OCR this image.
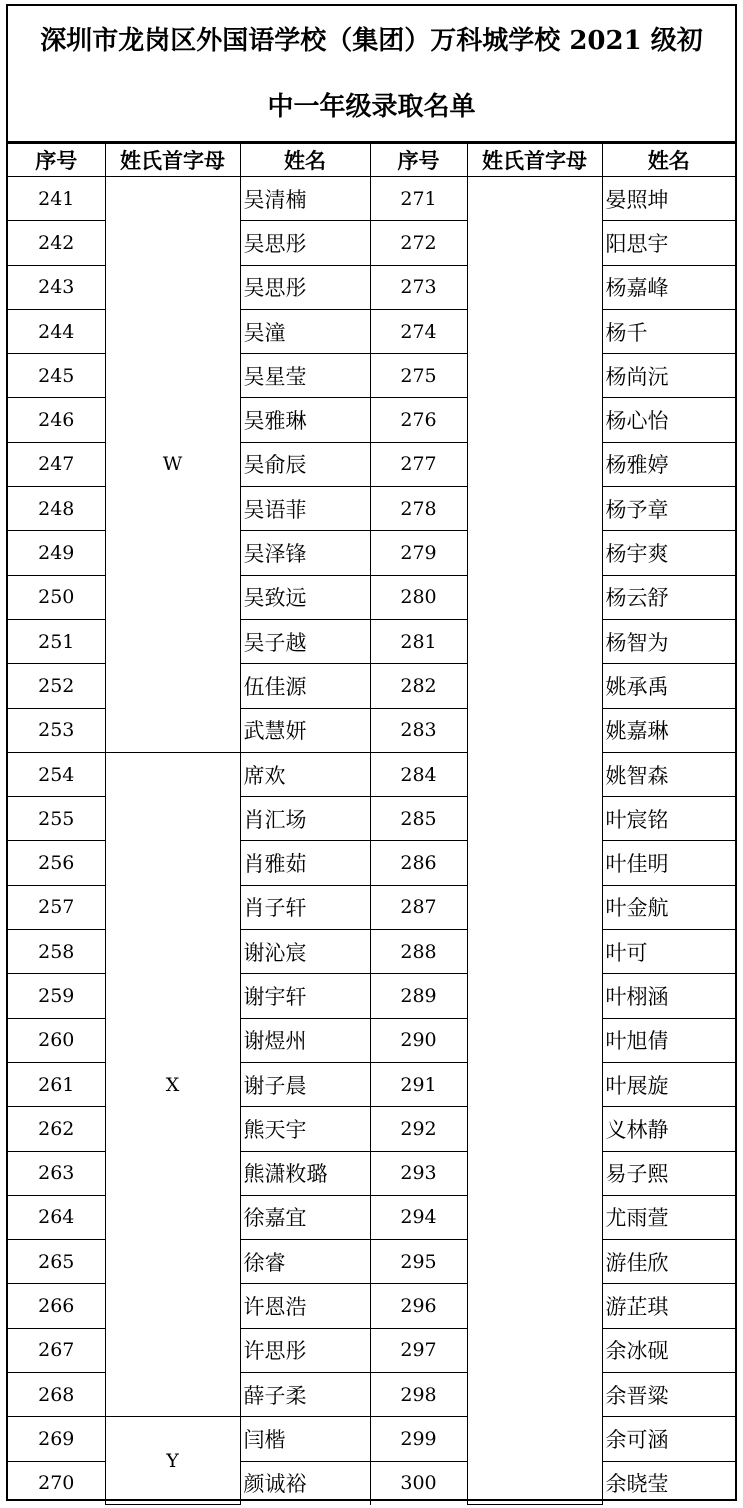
深圳市龙岗区外国语学校（集团）万科城学校 2021 级初
中一年级录取名单
序号	姓氏首字母	姓名	序号	姓氏首字母	姓名
241	W	吴清楠	271		晏照坤
242		吴思彤	272		阳思宇
243		吴思彤	273		杨嘉峰
244		吴潼	274		杨千
245		吴星莹	275		杨尚沅
246		吴雅琳	276		杨心怡
247		吴俞辰	277		杨雅婷
248		吴语菲	278		杨予章
249		吴泽锋	279		杨宇爽
250		吴致远	280		杨云舒
251		吴子越	281		杨智为
252		伍佳源	282		姚承禹
253		武慧妍	283		姚嘉琳
254	X	席欢	284		姚智森
255		肖汇场	285		叶宸铭
256		肖雅茹	286		叶佳明
257		肖子轩	287		叶金航
258		谢沁宸	288		叶可
259		谢宇轩	289		叶栩涵
260		谢煜州	290		叶旭倩
261		谢子晨	291		叶展旋
262		熊天宇	292		义林静
263		熊潇敉璐	293		易子熙
264		徐嘉宜	294		尤雨萱
265		徐睿	295		游佳欣
266		许恩浩	296		游芷琪
267		许思彤	297		余冰砚
268		薛子柔	298		余晋粱
269	Y	闫楷	299		余可涵
270		颜诚裕	300		余晓莹
